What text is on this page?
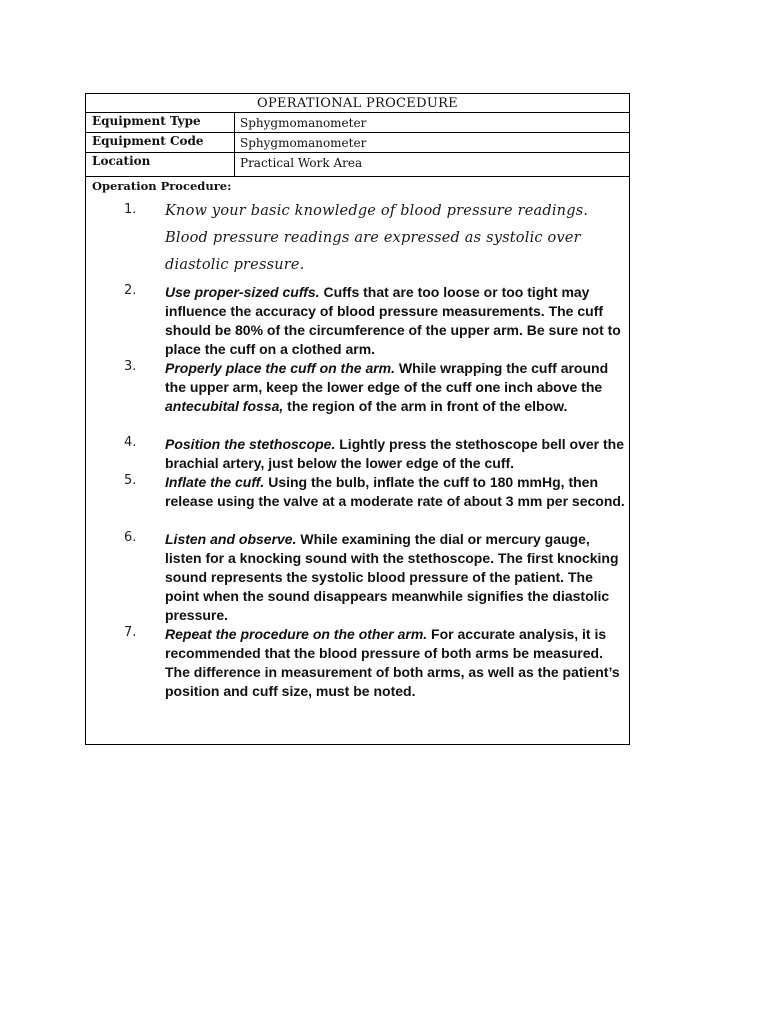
OPERATIONAL PROCEDURE
Equipment Type	Sphygmomanometer
Equipment Code	Sphygmomanometer
Location	Practical Work Area
Operation Procedure:
1. Know your basic knowledge of blood pressure readings. Blood pressure readings are expressed as systolic over diastolic pressure.
2. Use proper-sized cuffs. Cuffs that are too loose or too tight may influence the accuracy of blood pressure measurements. The cuff should be 80% of the circumference of the upper arm. Be sure not to place the cuff on a clothed arm.
3. Properly place the cuff on the arm. While wrapping the cuff around the upper arm, keep the lower edge of the cuff one inch above the antecubital fossa, the region of the arm in front of the elbow.
4. Position the stethoscope. Lightly press the stethoscope bell over the brachial artery, just below the lower edge of the cuff.
5. Inflate the cuff. Using the bulb, inflate the cuff to 180 mmHg, then release using the valve at a moderate rate of about 3 mm per second.
6. Listen and observe. While examining the dial or mercury gauge, listen for a knocking sound with the stethoscope. The first knocking sound represents the systolic blood pressure of the patient. The point when the sound disappears meanwhile signifies the diastolic pressure.
7. Repeat the procedure on the other arm. For accurate analysis, it is recommended that the blood pressure of both arms be measured. The difference in measurement of both arms, as well as the patient’s position and cuff size, must be noted.
